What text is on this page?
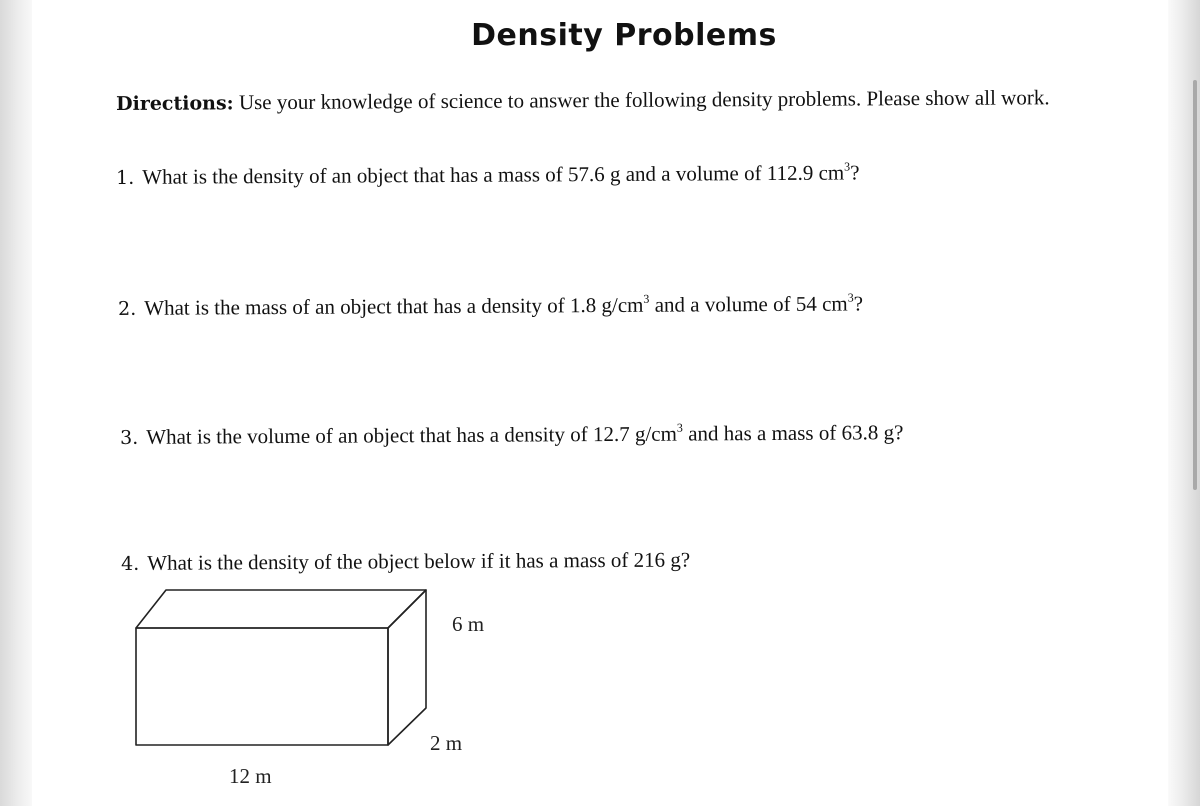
Density Problems
Directions: Use your knowledge of science to answer the following density problems. Please show all work.
1. What is the density of an object that has a mass of 57.6 g and a volume of 112.9 $cm^3$?
2. What is the mass of an object that has a density of 1.8 $g/cm^3$ and a volume of 54 $cm^3$?
3. What is the volume of an object that has a density of 12.7 $g/cm^3$ and has a mass of 63.8 g?
4. What is the density of the object below if it has a mass of 216 g?
6 m
2 m
12 m
